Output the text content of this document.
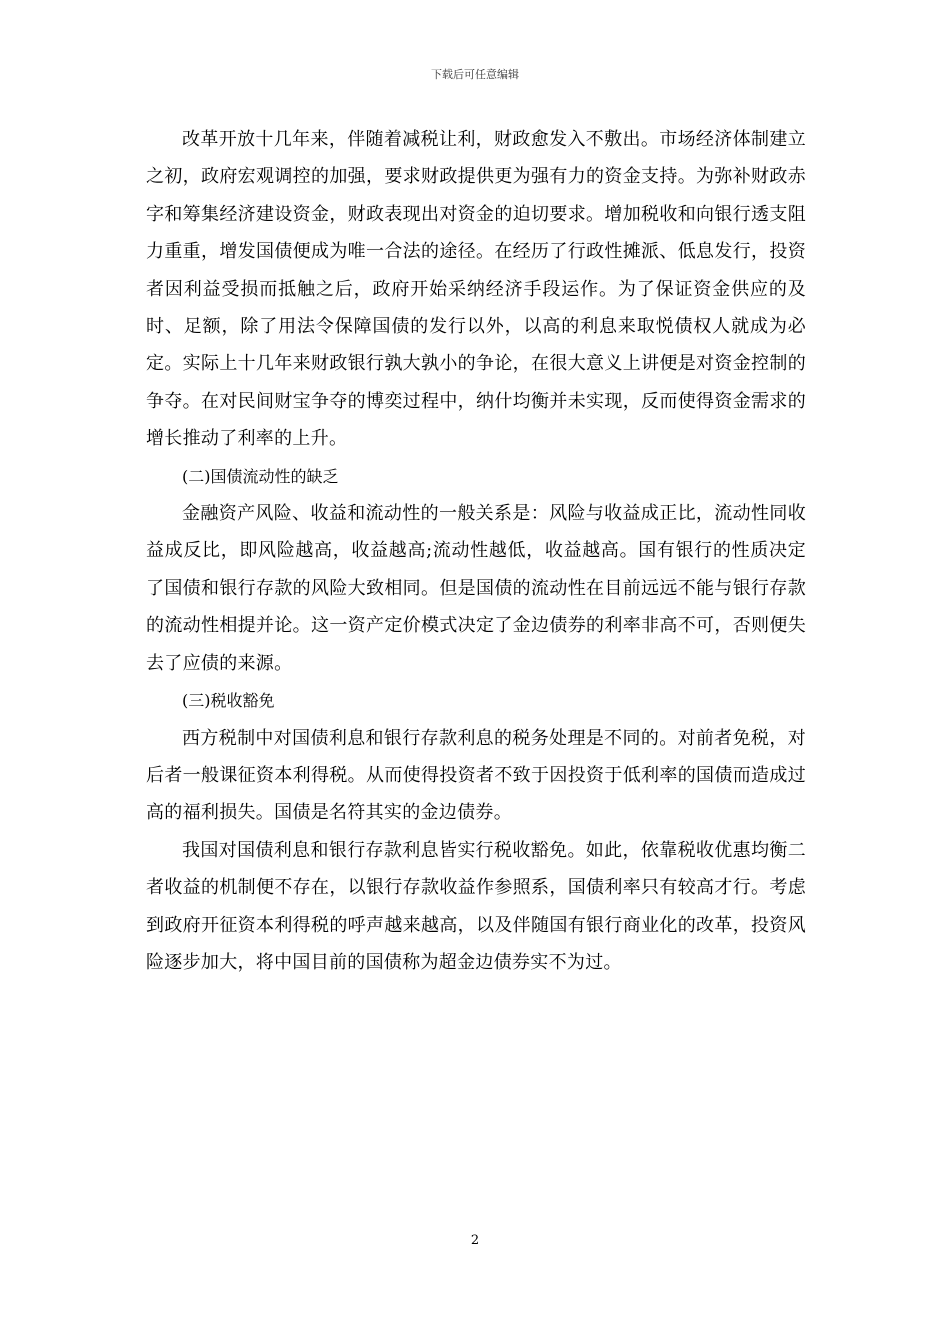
下载后可任意编辑

改革开放十几年来，伴随着减税让利，财政愈发入不敷出。市场经济体制建立之初，政府宏观调控的加强，要求财政提供更为强有力的资金支持。为弥补财政赤字和筹集经济建设资金，财政表现出对资金的迫切要求。增加税收和向银行透支阻力重重，增发国债便成为唯一合法的途径。在经历了行政性摊派、低息发行，投资者因利益受损而抵触之后，政府开始采纳经济手段运作。为了保证资金供应的及时、足额，除了用法令保障国债的发行以外，以高的利息来取悦债权人就成为必定。实际上十几年来财政银行孰大孰小的争论，在很大意义上讲便是对资金控制的争夺。在对民间财宝争夺的博奕过程中，纳什均衡并未实现，反而使得资金需求的增长推动了利率的上升。

(二)国债流动性的缺乏

金融资产风险、收益和流动性的一般关系是：风险与收益成正比，流动性同收益成反比，即风险越高，收益越高;流动性越低，收益越高。国有银行的性质决定了国债和银行存款的风险大致相同。但是国债的流动性在目前远远不能与银行存款的流动性相提并论。这一资产定价模式决定了金边债券的利率非高不可，否则便失去了应债的来源。

(三)税收豁免

西方税制中对国债利息和银行存款利息的税务处理是不同的。对前者免税，对后者一般课征资本利得税。从而使得投资者不致于因投资于低利率的国债而造成过高的福利损失。国债是名符其实的金边债券。

我国对国债利息和银行存款利息皆实行税收豁免。如此，依靠税收优惠均衡二者收益的机制便不存在，以银行存款收益作参照系，国债利率只有较高才行。考虑到政府开征资本利得税的呼声越来越高，以及伴随国有银行商业化的改革，投资风险逐步加大，将中国目前的国债称为超金边债券实不为过。

2
